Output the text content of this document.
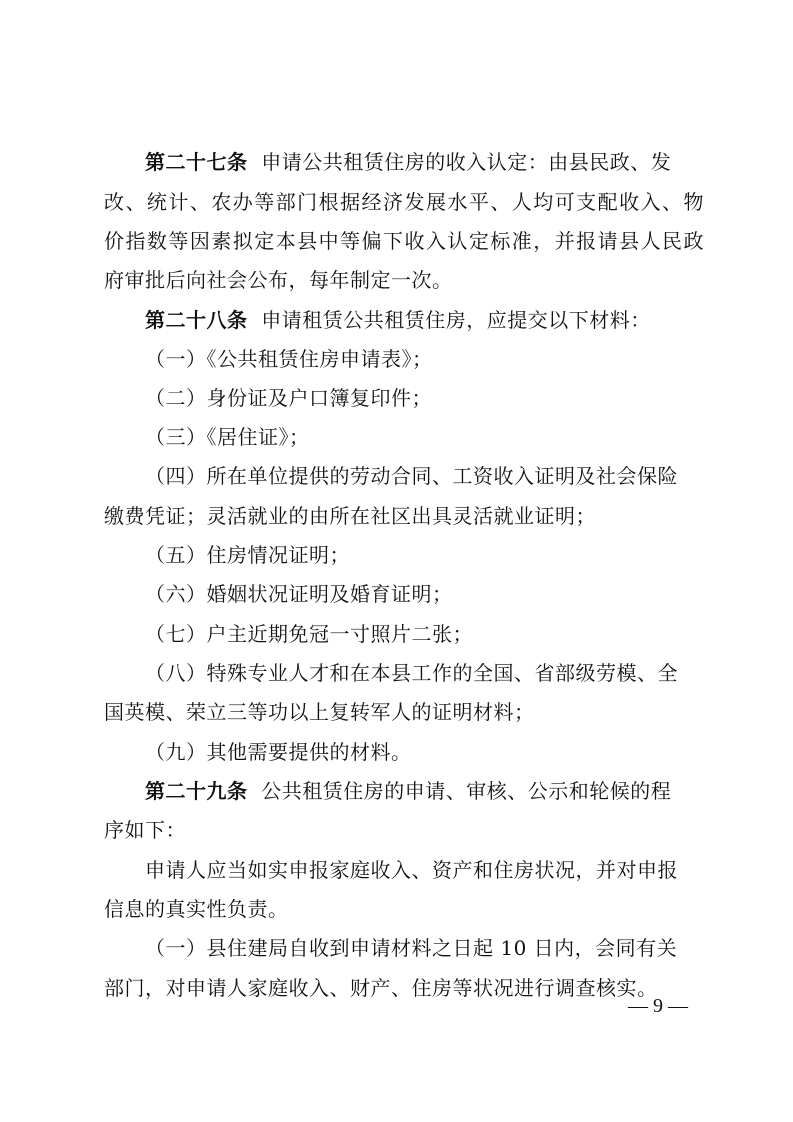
第二十七条 申请公共租赁住房的收入认定：由县民政、发
改、统计、农办等部门根据经济发展水平、人均可支配收入、物
价指数等因素拟定本县中等偏下收入认定标准，并报请县人民政
府审批后向社会公布，每年制定一次。
第二十八条 申请租赁公共租赁住房，应提交以下材料：
（一）《公共租赁住房申请表》；
（二）身份证及户口簿复印件；
（三）《居住证》；
（四）所在单位提供的劳动合同、工资收入证明及社会保险
缴费凭证；灵活就业的由所在社区出具灵活就业证明；
（五）住房情况证明；
（六）婚姻状况证明及婚育证明；
（七）户主近期免冠一寸照片二张；
（八）特殊专业人才和在本县工作的全国、省部级劳模、全
国英模、荣立三等功以上复转军人的证明材料；
（九）其他需要提供的材料。
第二十九条 公共租赁住房的申请、审核、公示和轮候的程
序如下：
申请人应当如实申报家庭收入、资产和住房状况，并对申报
信息的真实性负责。
（一）县住建局自收到申请材料之日起 10 日内，会同有关
部门，对申请人家庭收入、财产、住房等状况进行调查核实。
— 9 —
